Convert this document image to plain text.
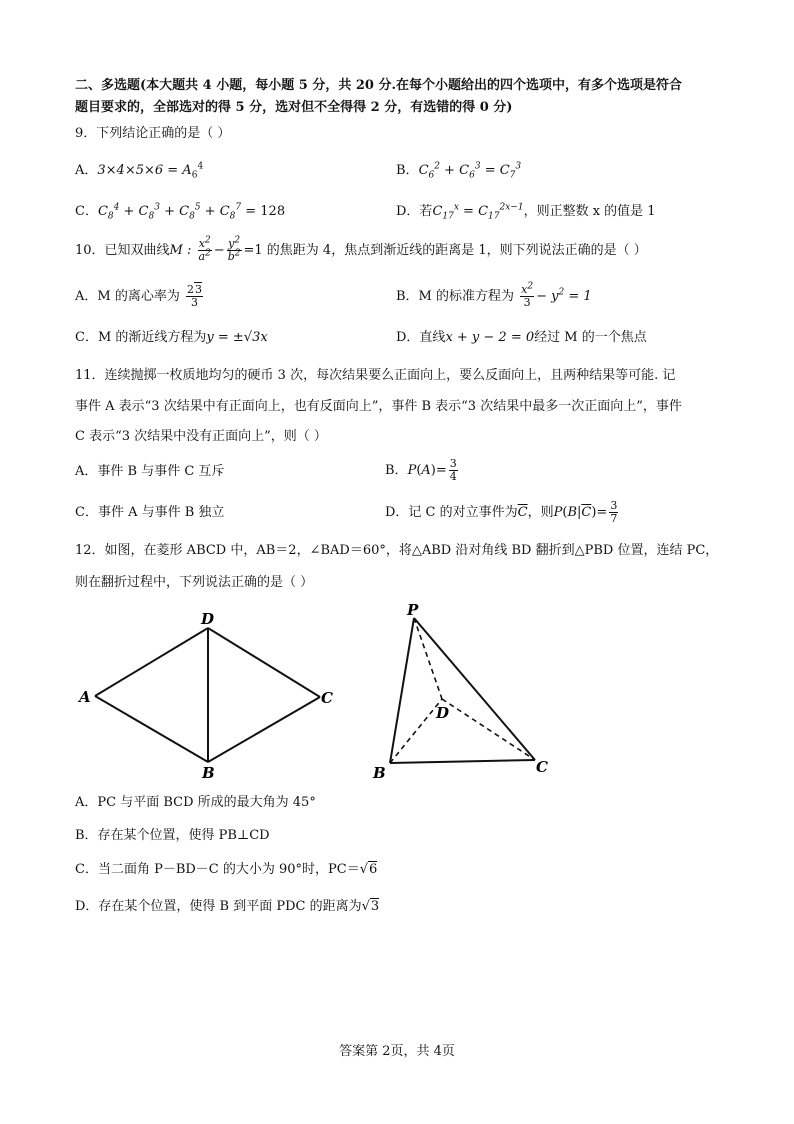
二、多选题(本大题共 4 小题，每小题 5 分，共 20 分.在每个小题给出的四个选项中，有多个选项是符合
题目要求的，全部选对的得 5 分，选对但不全得得 2 分，有选错的得 0 分)
9．下列结论正确的是（ ）
A．$3\times 4\times 5\times 6 = A_6^4$	B．$C_6^2 + C_6^3 = C_7^3$
C．$C_8^4 + C_8^3 + C_8^5 + C_8^7 = 128$	D．若$C_{17}^x = C_{17}^{2x-1}$，则正整数 x 的值是 1
10．已知双曲线M : $\frac{x^2}{a^2} - \frac{y^2}{b^2} =1$ 的焦距为 4，焦点到渐近线的距离是 1，则下列说法正确的是（ ）
A．M 的离心率为 $\frac{23}{3}$	B．M 的标准方程为 $\frac{x^2}{3} - y^2 = 1$
C．M 的渐近线方程为y = ±√3x	D．直线x + y − 2 = 0经过 M 的一个焦点
11．连续抛掷一枚质地均匀的硬币 3 次，每次结果要么正面向上，要么反面向上，且两种结果等可能. 记
事件 A 表示“3 次结果中有正面向上，也有反面向上”，事件 B 表示“3 次结果中最多一次正面向上”，事件
C 表示“3 次结果中没有正面向上”，则（ ）
A．事件 B 与事件 C 互斥	B．$P(A)= \frac{3}{4}$
C．事件 A 与事件 B 独立	D．记 C 的对立事件为$\overline{C}$，则$P(B|\overline{C})= \frac{3}{7}$
12．如图，在菱形 ABCD 中，AB＝2，∠BAD＝60°，将△ABD 沿对角线 BD 翻折到△PBD 位置，连结 PC，
则在翻折过程中，下列说法正确的是（ ）
A
D
C
B
P
D
B	C
A．PC 与平面 BCD 所成的最大角为 45°
B．存在某个位置，使得 PB⊥CD
C．当二面角 P－BD－C 的大小为 90°时，PC＝√6
D．存在某个位置，使得 B 到平面 PDC 的距离为√3
答案第 2页，共 4页
